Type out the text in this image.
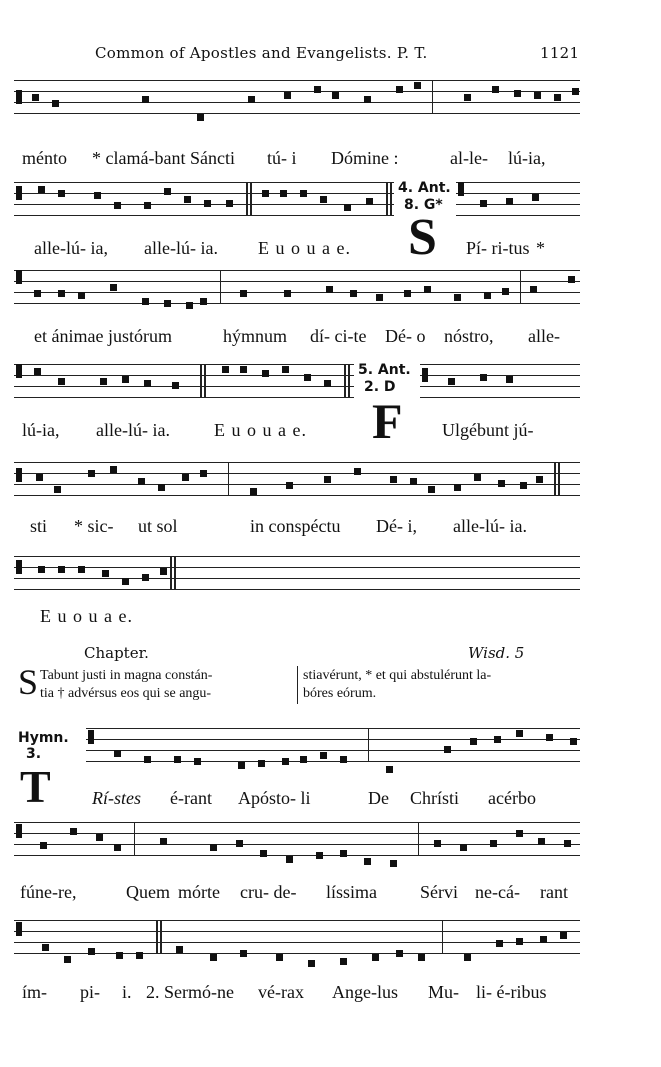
Common of Apostles and Evangelists. P. T.	1121
ménto * clamá-bant Sáncti tú- i Dómine :	al-le- lú-ia,
4. Ant.
8. G*
alle-lú- ia, alle-lú- ia. E u o u a e. S Pí- ri-tus *
et ánimae justórum	hýmnum dí- ci-te Dé- o nóstro, alle-
5. Ant.
2. D
lú-ia, alle-lú- ia. E u o u a e. F Ulgébunt jú-
sti * sic- ut sol	in conspéctu Dé- i, alle-lú- ia.
E u o u a e.
Chapter.	Wisd. 5
S Tabunt justi in magna constán-
tia † advérsus eos qui se angu-
stiavérunt, * et qui abstulérunt la-
bóres eórum.
Hymn.
3.
T Rí-stes é-rant Apósto- li	De Chrísti acérbo
fúne-re,	Quem mórte cru- de- líssima Sérvi ne-cá- rant
ím- pi- i. 2. Sermó-ne vé-rax Ange-lus Mu- li- é-ribus
